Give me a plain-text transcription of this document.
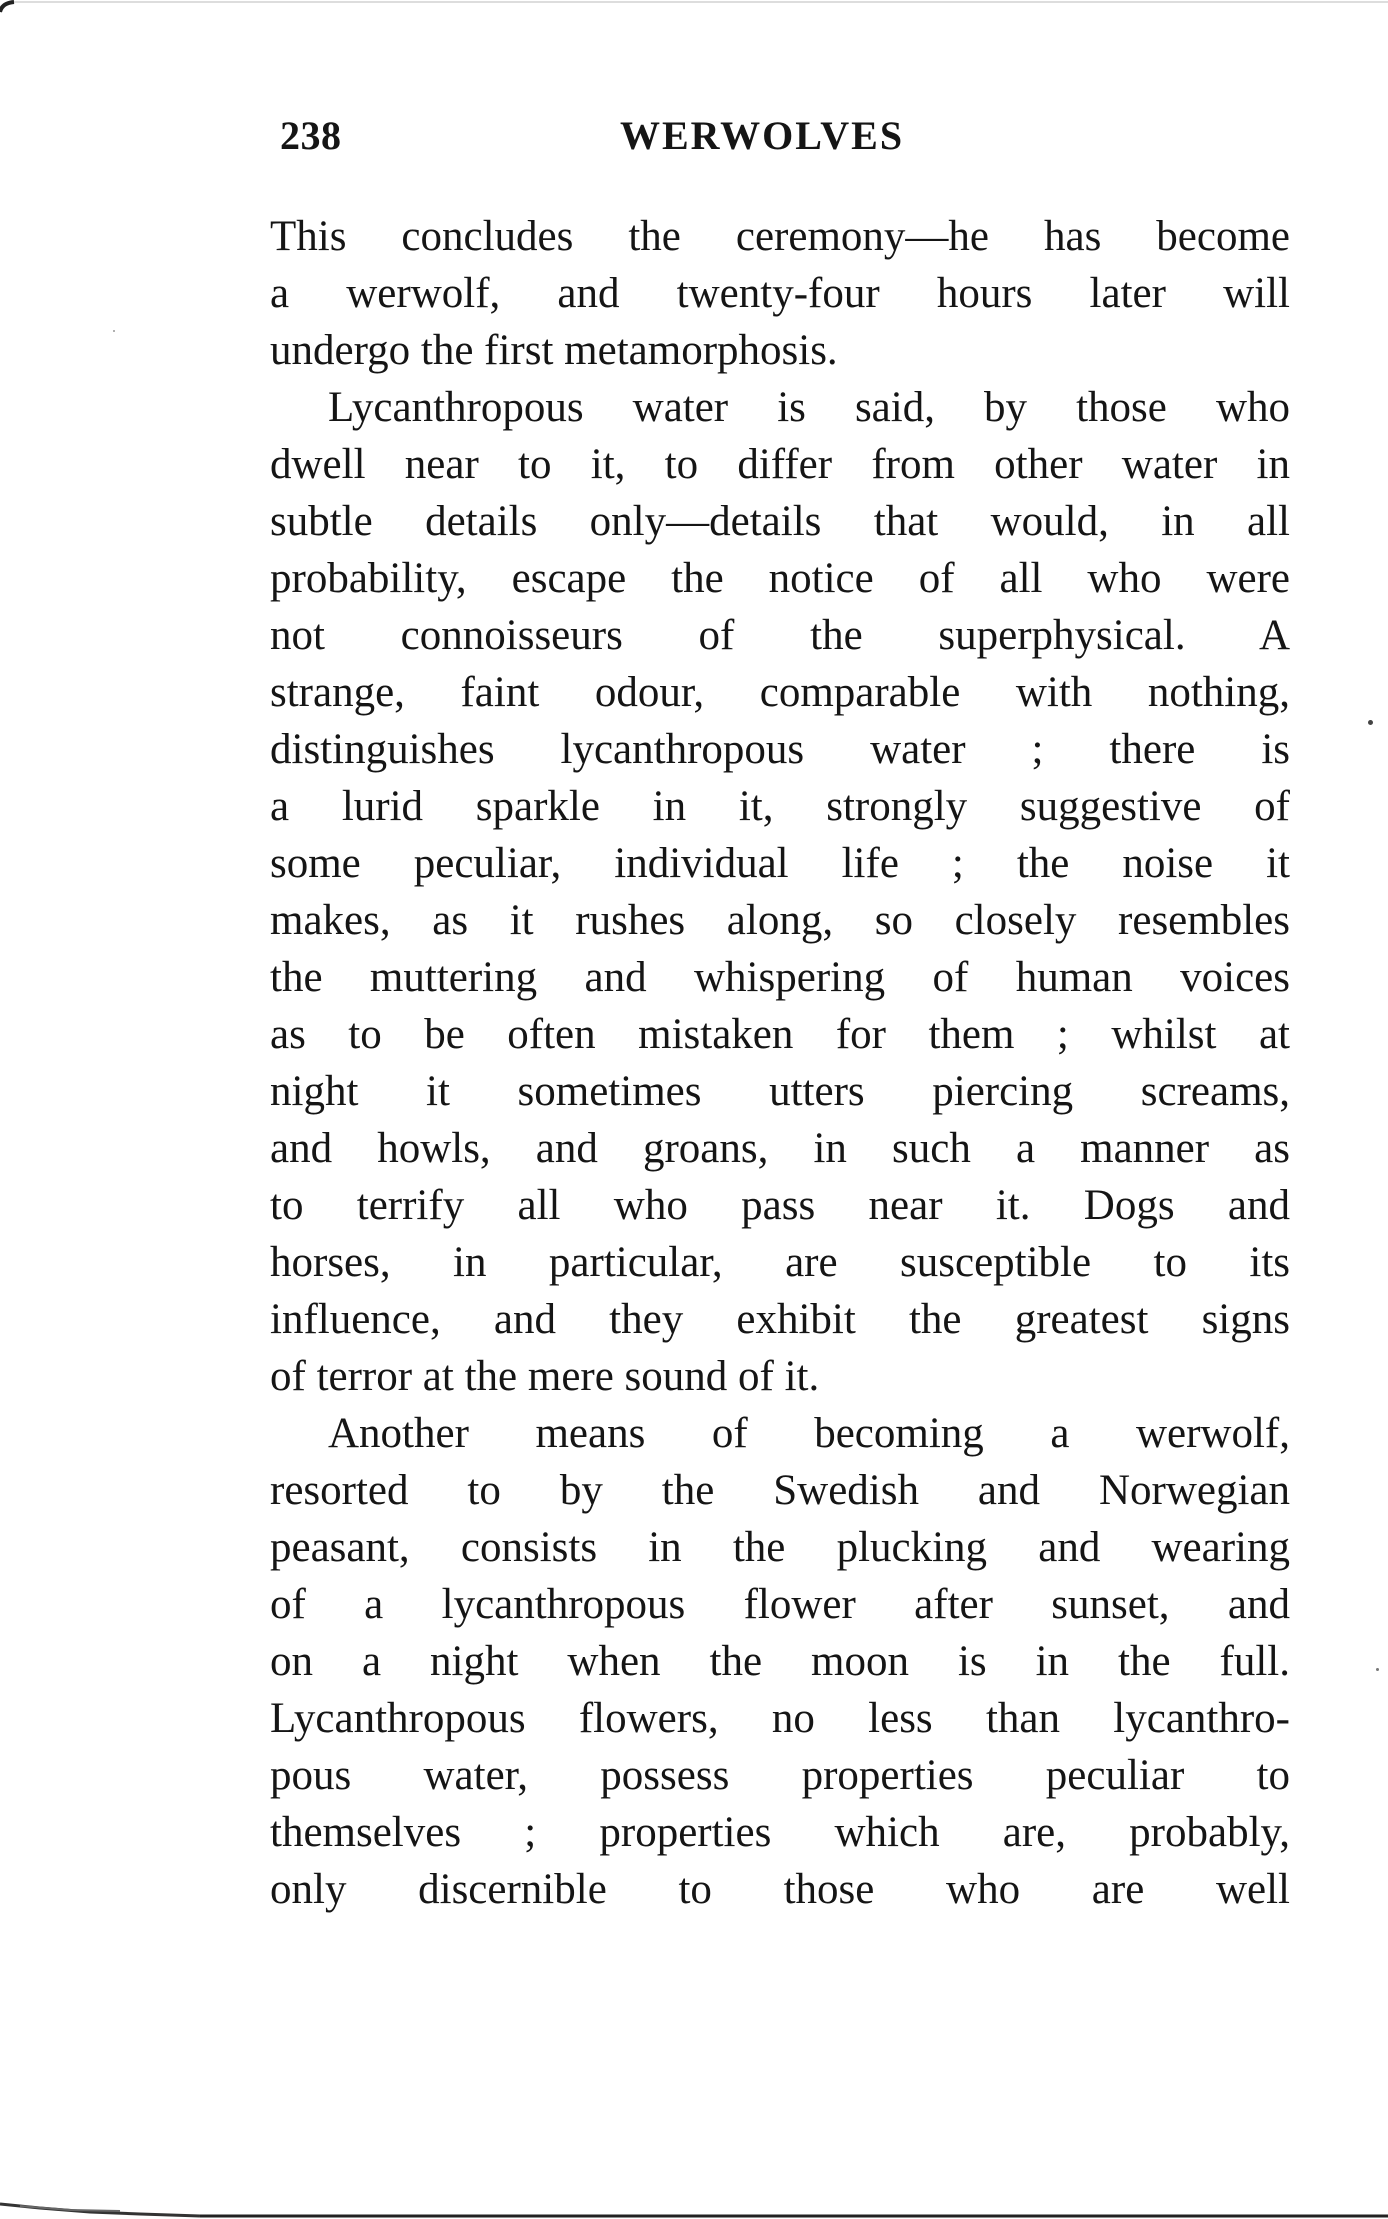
238	WERWOLVES
This concludes the ceremony—he has become
a werwolf, and twenty-four hours later will
undergo the first metamorphosis.
Lycanthropous water is said, by those who
dwell near to it, to differ from other water in
subtle details only—details that would, in all
probability, escape the notice of all who were
not connoisseurs of the superphysical. A
strange, faint odour, comparable with nothing,
distinguishes lycanthropous water ; there is
a lurid sparkle in it, strongly suggestive of
some peculiar, individual life ; the noise it
makes, as it rushes along, so closely resembles
the muttering and whispering of human voices
as to be often mistaken for them ; whilst at
night it sometimes utters piercing screams,
and howls, and groans, in such a manner as
to terrify all who pass near it. Dogs and
horses, in particular, are susceptible to its
influence, and they exhibit the greatest signs
of terror at the mere sound of it.
Another means of becoming a werwolf,
resorted to by the Swedish and Norwegian
peasant, consists in the plucking and wearing
of a lycanthropous flower after sunset, and
on a night when the moon is in the full.
Lycanthropous flowers, no less than lycanthro-
pous water, possess properties peculiar to
themselves ; properties which are, probably,
only discernible to those who are well
